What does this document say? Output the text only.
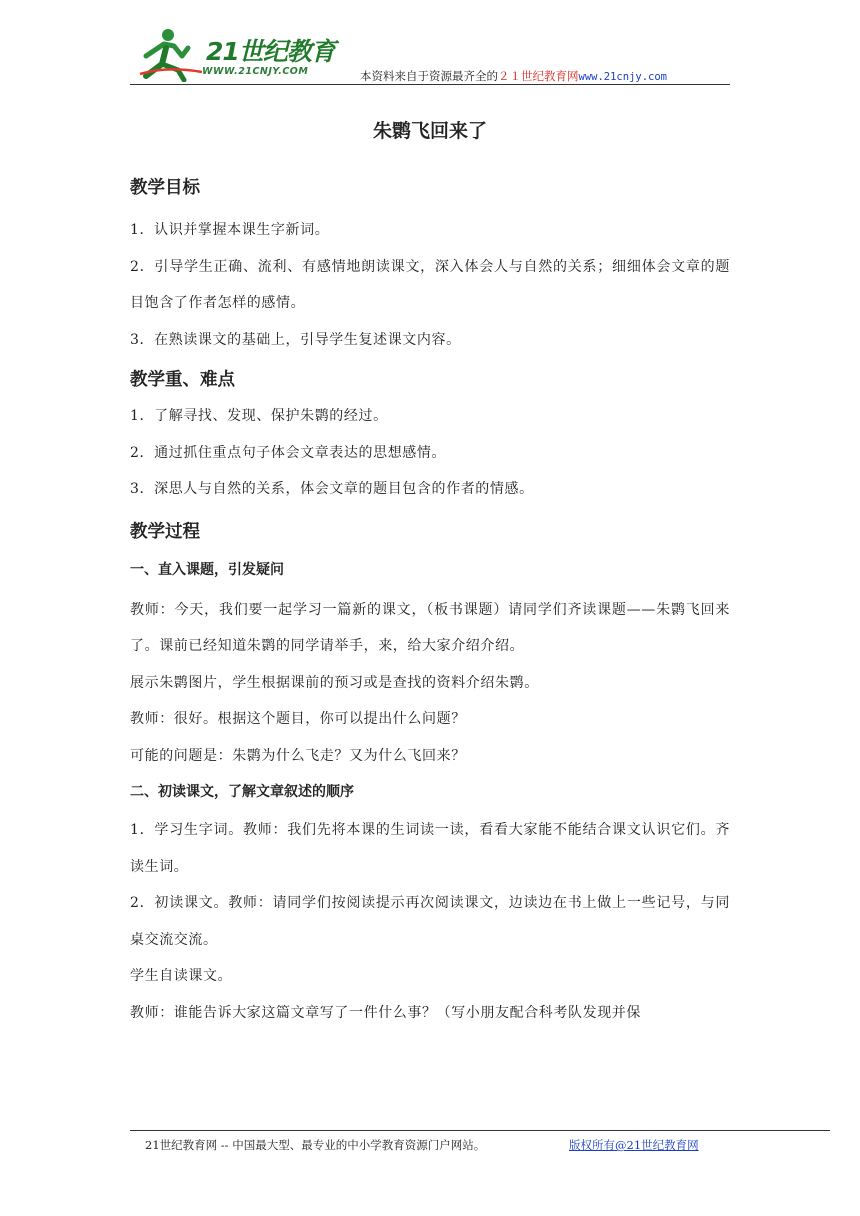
21世纪教育
WWW.21CNJY.COM	本资料来自于资源最齐全的２１世纪教育网www.21cnjy.com
朱鹮飞回来了
教学目标
1．认识并掌握本课生字新词。
2．引导学生正确、流利、有感情地朗读课文，深入体会人与自然的关系；细细体会文章的题目饱含了作者怎样的感情。
3．在熟读课文的基础上，引导学生复述课文内容。
教学重、难点
1．了解寻找、发现、保护朱鹮的经过。
2．通过抓住重点句子体会文章表达的思想感情。
3．深思人与自然的关系，体会文章的题目包含的作者的情感。
教学过程
一、直入课题，引发疑问
教师：今天，我们要一起学习一篇新的课文，（板书课题）请同学们齐读课题——朱鹮飞回来了。课前已经知道朱鹮的同学请举手，来，给大家介绍介绍。
展示朱鹮图片，学生根据课前的预习或是查找的资料介绍朱鹮。
教师：很好。根据这个题目，你可以提出什么问题？
可能的问题是：朱鹮为什么飞走？又为什么飞回来？
二、初读课文，了解文章叙述的顺序
1．学习生字词。教师：我们先将本课的生词读一读，看看大家能不能结合课文认识它们。齐读生词。
2．初读课文。教师：请同学们按阅读提示再次阅读课文，边读边在书上做上一些记号，与同桌交流交流。
学生自读课文。
教师：谁能告诉大家这篇文章写了一件什么事？（写小朋友配合科考队发现并保
21世纪教育网 -- 中国最大型、最专业的中小学教育资源门户网站。	版权所有@21世纪教育网
